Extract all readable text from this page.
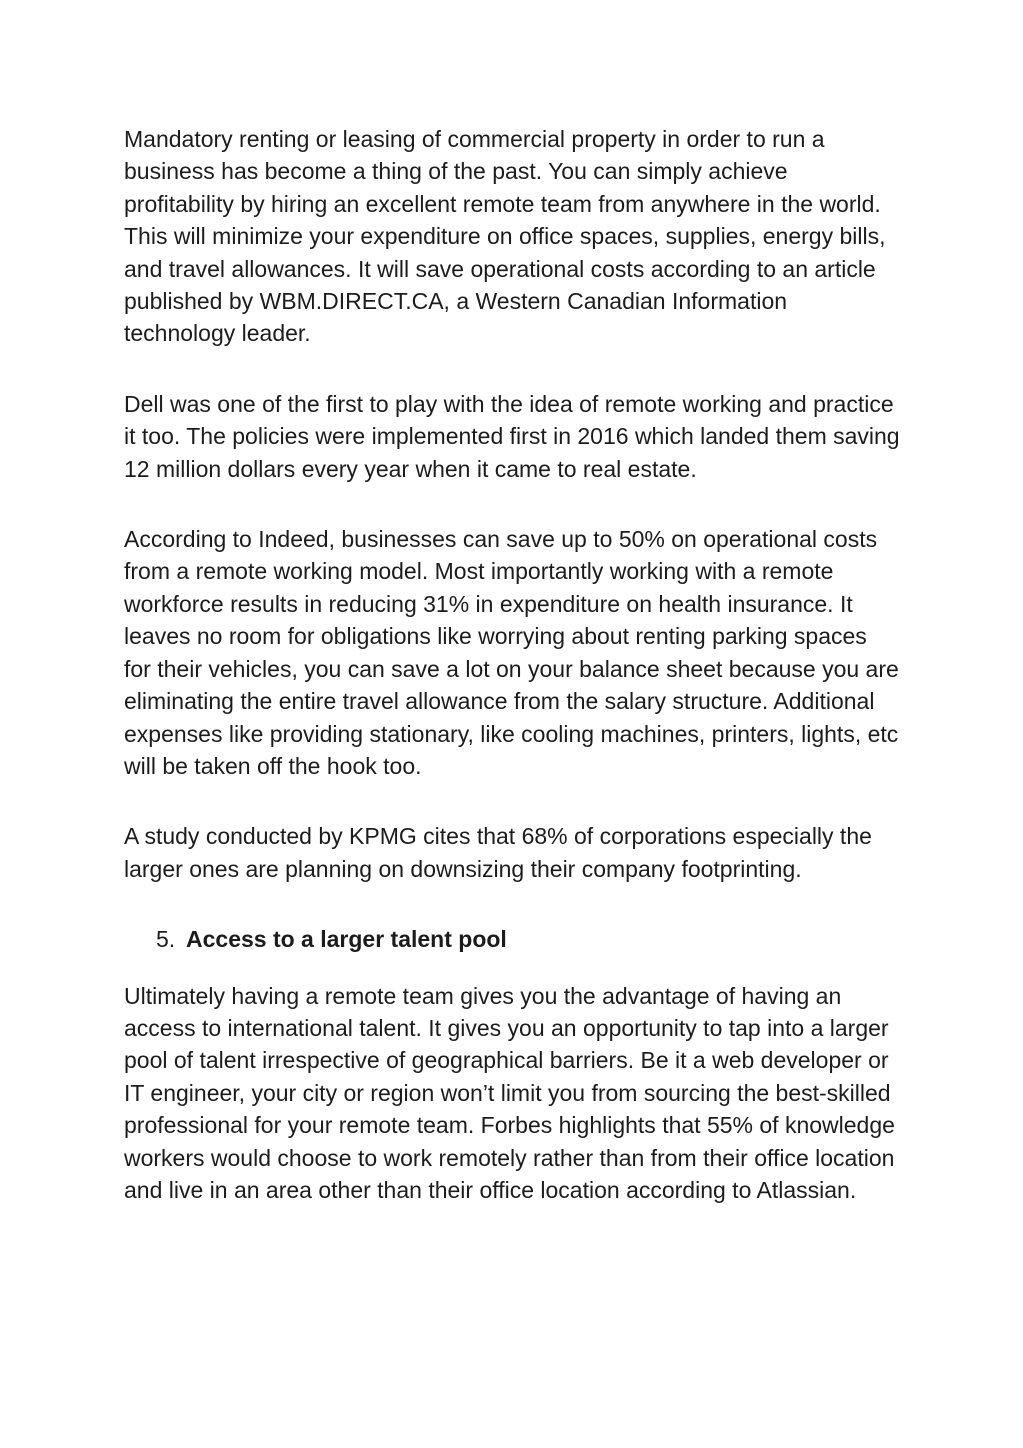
Mandatory renting or leasing of commercial property in order to run a business has become a thing of the past. You can simply achieve profitability by hiring an excellent remote team from anywhere in the world. This will minimize your expenditure on office spaces, supplies, energy bills, and travel allowances. It will save operational costs according to an article published by WBM.DIRECT.CA, a Western Canadian Information technology leader.

Dell was one of the first to play with the idea of remote working and practice it too. The policies were implemented first in 2016 which landed them saving 12 million dollars every year when it came to real estate.

According to Indeed, businesses can save up to 50% on operational costs from a remote working model. Most importantly working with a remote workforce results in reducing 31% in expenditure on health insurance. It leaves no room for obligations like worrying about renting parking spaces for their vehicles, you can save a lot on your balance sheet because you are eliminating the entire travel allowance from the salary structure. Additional expenses like providing stationary, like cooling machines, printers, lights, etc will be taken off the hook too.

A study conducted by KPMG cites that 68% of corporations especially the larger ones are planning on downsizing their company footprinting.

5. Access to a larger talent pool

Ultimately having a remote team gives you the advantage of having an access to international talent. It gives you an opportunity to tap into a larger pool of talent irrespective of geographical barriers. Be it a web developer or IT engineer, your city or region won’t limit you from sourcing the best-skilled professional for your remote team. Forbes highlights that 55% of knowledge workers would choose to work remotely rather than from their office location and live in an area other than their office location according to Atlassian.
